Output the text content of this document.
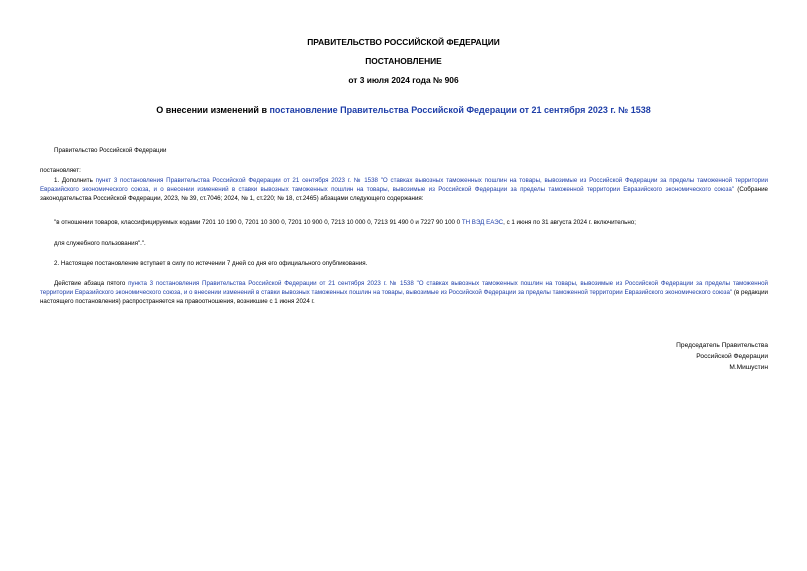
ПРАВИТЕЛЬСТВО РОССИЙСКОЙ ФЕДЕРАЦИИ
ПОСТАНОВЛЕНИЕ
от 3 июля 2024 года № 906
О внесении изменений в постановление Правительства Российской Федерации от 21 сентября 2023 г. № 1538
Правительство Российской Федерации
постановляет:
1. Дополнить пункт 3 постановления Правительства Российской Федерации от 21 сентября 2023 г. № 1538 "О ставках вывозных таможенных пошлин на товары, вывозимые из Российской Федерации за пределы таможенной территории Евразийского экономического союза, и о внесении изменений в ставки вывозных таможенных пошлин на товары, вывозимые из Российской Федерации за пределы таможенной территории Евразийского экономического союза" (Собрание законодательства Российской Федерации, 2023, № 39, ст.7046; 2024, № 1, ст.220; № 18, ст.2465) абзацами следующего содержания:
"в отношении товаров, классифицируемых кодами 7201 10 190 0, 7201 10 300 0, 7201 10 900 0, 7213 10 000 0, 7213 91 490 0 и 7227 90 100 0 ТН ВЭД ЕАЭС, с 1 июня по 31 августа 2024 г. включительно;
для служебного пользования".".
2. Настоящее постановление вступает в силу по истечении 7 дней со дня его официального опубликования.
Действие абзаца пятого пункта 3 постановления Правительства Российской Федерации от 21 сентября 2023 г. № 1538 "О ставках вывозных таможенных пошлин на товары, вывозимые из Российской Федерации за пределы таможенной территории Евразийского экономического союза, и о внесении изменений в ставки вывозных таможенных пошлин на товары, вывозимые из Российской Федерации за пределы таможенной территории Евразийского экономического союза" (в редакции настоящего постановления) распространяется на правоотношения, возникшие с 1 июня 2024 г.
Председатель Правительства
Российской Федерации
М.Мишустин
